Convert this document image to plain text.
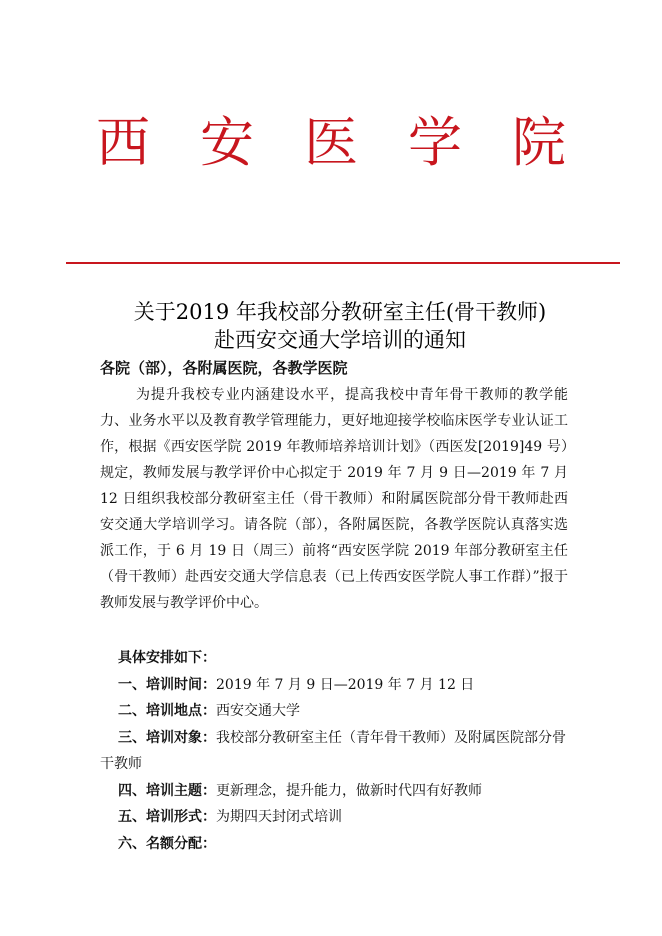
西 安 医 学 院
关于2019 年我校部分教研室主任(骨干教师)
赴西安交通大学培训的通知
各院（部），各附属医院，各教学医院
为提升我校专业内涵建设水平，提高我校中青年骨干教师的教学能力、业务水平以及教育教学管理能力，更好地迎接学校临床医学专业认证工作，根据《西安医学院 2019 年教师培养培训计划》（西医发[2019]49 号）规定，教师发展与教学评价中心拟定于 2019 年 7 月 9 日—2019 年 7 月 12 日组织我校部分教研室主任（骨干教师）和附属医院部分骨干教师赴西安交通大学培训学习。请各院（部），各附属医院，各教学医院认真落实选派工作，于 6 月 19 日（周三）前将“西安医学院 2019 年部分教研室主任（骨干教师）赴西安交通大学信息表（已上传西安医学院人事工作群）”报于教师发展与教学评价中心。
具体安排如下：
一、培训时间：2019 年 7 月 9 日—2019 年 7 月 12 日
二、培训地点：西安交通大学
三、培训对象：我校部分教研室主任（青年骨干教师）及附属医院部分骨干教师
四、培训主题：更新理念，提升能力，做新时代四有好教师
五、培训形式：为期四天封闭式培训
六、名额分配：
